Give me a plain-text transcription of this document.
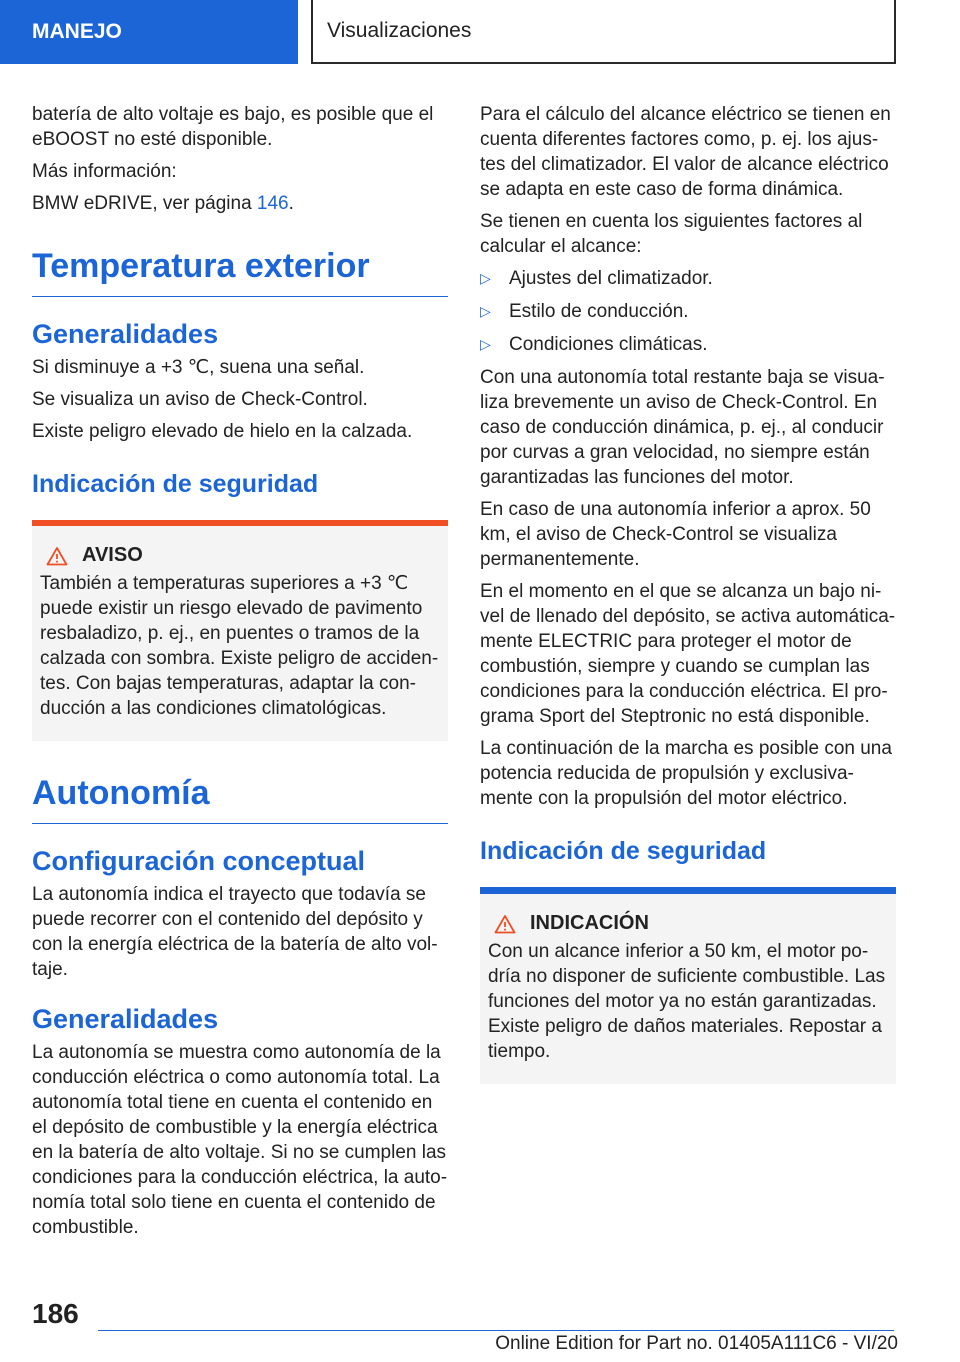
MANEJO	Visualizaciones

batería de alto voltaje es bajo, es posible que el eBOOST no esté disponible.

Más información:

BMW eDRIVE, ver página 146.

Temperatura exterior
Generalidades

Si disminuye a +3 ℃, suena una señal.

Se visualiza un aviso de Check-Control.

Existe peligro elevado de hielo en la calzada.

Indicación de seguridad
AVISO

También a temperaturas superiores a +3 ℃ puede existir un riesgo elevado de pavimento resbaladizo, p. ej., en puentes o tramos de la calzada con sombra. Existe peligro de acciden-tes. Con bajas temperaturas, adaptar la con-ducción a las condiciones climatológicas.

Autonomía
Configuración conceptual

La autonomía indica el trayecto que todavía se puede recorrer con el contenido del depósito y con la energía eléctrica de la batería de alto vol-taje.

Generalidades

La autonomía se muestra como autonomía de la conducción eléctrica o como autonomía total. La autonomía total tiene en cuenta el contenido en el depósito de combustible y la energía eléctrica en la batería de alto voltaje. Si no se cumplen las condiciones para la conducción eléctrica, la auto-nomía total solo tiene en cuenta el contenido de combustible.

Para el cálculo del alcance eléctrico se tienen en cuenta diferentes factores como, p. ej. los ajus-tes del climatizador. El valor de alcance eléctrico se adapta en este caso de forma dinámica.

Se tienen en cuenta los siguientes factores al calcular el alcance:

▷ Ajustes del climatizador.
▷ Estilo de conducción.
▷ Condiciones climáticas.

Con una autonomía total restante baja se visua-liza brevemente un aviso de Check-Control. En caso de conducción dinámica, p. ej., al conducir por curvas a gran velocidad, no siempre están garantizadas las funciones del motor.

En caso de una autonomía inferior a aprox. 50 km, el aviso de Check-Control se visualiza permanentemente.

En el momento en el que se alcanza un bajo ni-vel de llenado del depósito, se activa automática-mente ELECTRIC para proteger el motor de combustión, siempre y cuando se cumplan las condiciones para la conducción eléctrica. El pro-grama Sport del Steptronic no está disponible.

La continuación de la marcha es posible con una potencia reducida de propulsión y exclusiva-mente con la propulsión del motor eléctrico.

Indicación de seguridad
INDICACIÓN

Con un alcance inferior a 50 km, el motor po-dría no disponer de suficiente combustible. Las funciones del motor ya no están garantizadas. Existe peligro de daños materiales. Repostar a tiempo.

186
Online Edition for Part no. 01405A111C6 - VI/20
